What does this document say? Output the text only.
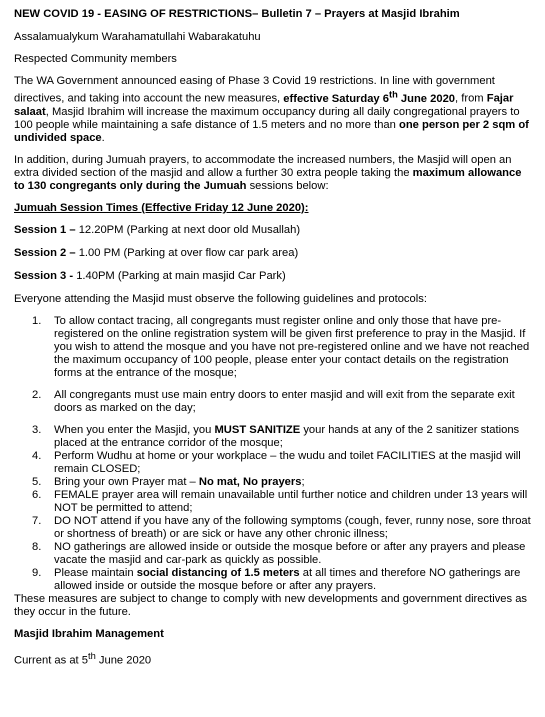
NEW COVID 19 - EASING OF RESTRICTIONS– Bulletin 7 – Prayers at Masjid Ibrahim

Assalamualykum Warahamatullahi Wabarakatuhu

Respected Community members

The WA Government announced easing of Phase 3 Covid 19 restrictions. In line with government directives, and taking into account the new measures, effective Saturday 6th June 2020, from Fajar salaat, Masjid Ibrahim will increase the maximum occupancy during all daily congregational prayers to 100 people while maintaining a safe distance of 1.5 meters and no more than one person per 2 sqm of undivided space.

In addition, during Jumuah prayers, to accommodate the increased numbers, the Masjid will open an extra divided section of the masjid and allow a further 30 extra people taking the maximum allowance to 130 congregants only during the Jumuah sessions below:

Jumuah Session Times (Effective Friday 12 June 2020):

Session 1 – 12.20PM (Parking at next door old Musallah)

Session 2 – 1.00 PM (Parking at over flow car park area)

Session 3 - 1.40PM (Parking at main masjid Car Park)

Everyone attending the Masjid must observe the following guidelines and protocols:

1. To allow contact tracing, all congregants must register online and only those that have pre-registered on the online registration system will be given first preference to pray in the Masjid. If you wish to attend the mosque and you have not pre-registered online and we have not reached the maximum occupancy of 100 people, please enter your contact details on the registration forms at the entrance of the mosque;
2. All congregants must use main entry doors to enter masjid and will exit from the separate exit doors as marked on the day;
3. When you enter the Masjid, you MUST SANITIZE your hands at any of the 2 sanitizer stations placed at the entrance corridor of the mosque;
4. Perform Wudhu at home or your workplace – the wudu and toilet FACILITIES at the masjid will remain CLOSED;
5. Bring your own Prayer mat – No mat, No prayers;
6. FEMALE prayer area will remain unavailable until further notice and children under 13 years will NOT be permitted to attend;
7. DO NOT attend if you have any of the following symptoms (cough, fever, runny nose, sore throat or shortness of breath) or are sick or have any other chronic illness;
8. NO gatherings are allowed inside or outside the mosque before or after any prayers and please vacate the masjid and car-park as quickly as possible.
9. Please maintain social distancing of 1.5 meters at all times and therefore NO gatherings are allowed inside or outside the mosque before or after any prayers.

These measures are subject to change to comply with new developments and government directives as they occur in the future.

Masjid Ibrahim Management

Current as at 5th June 2020
